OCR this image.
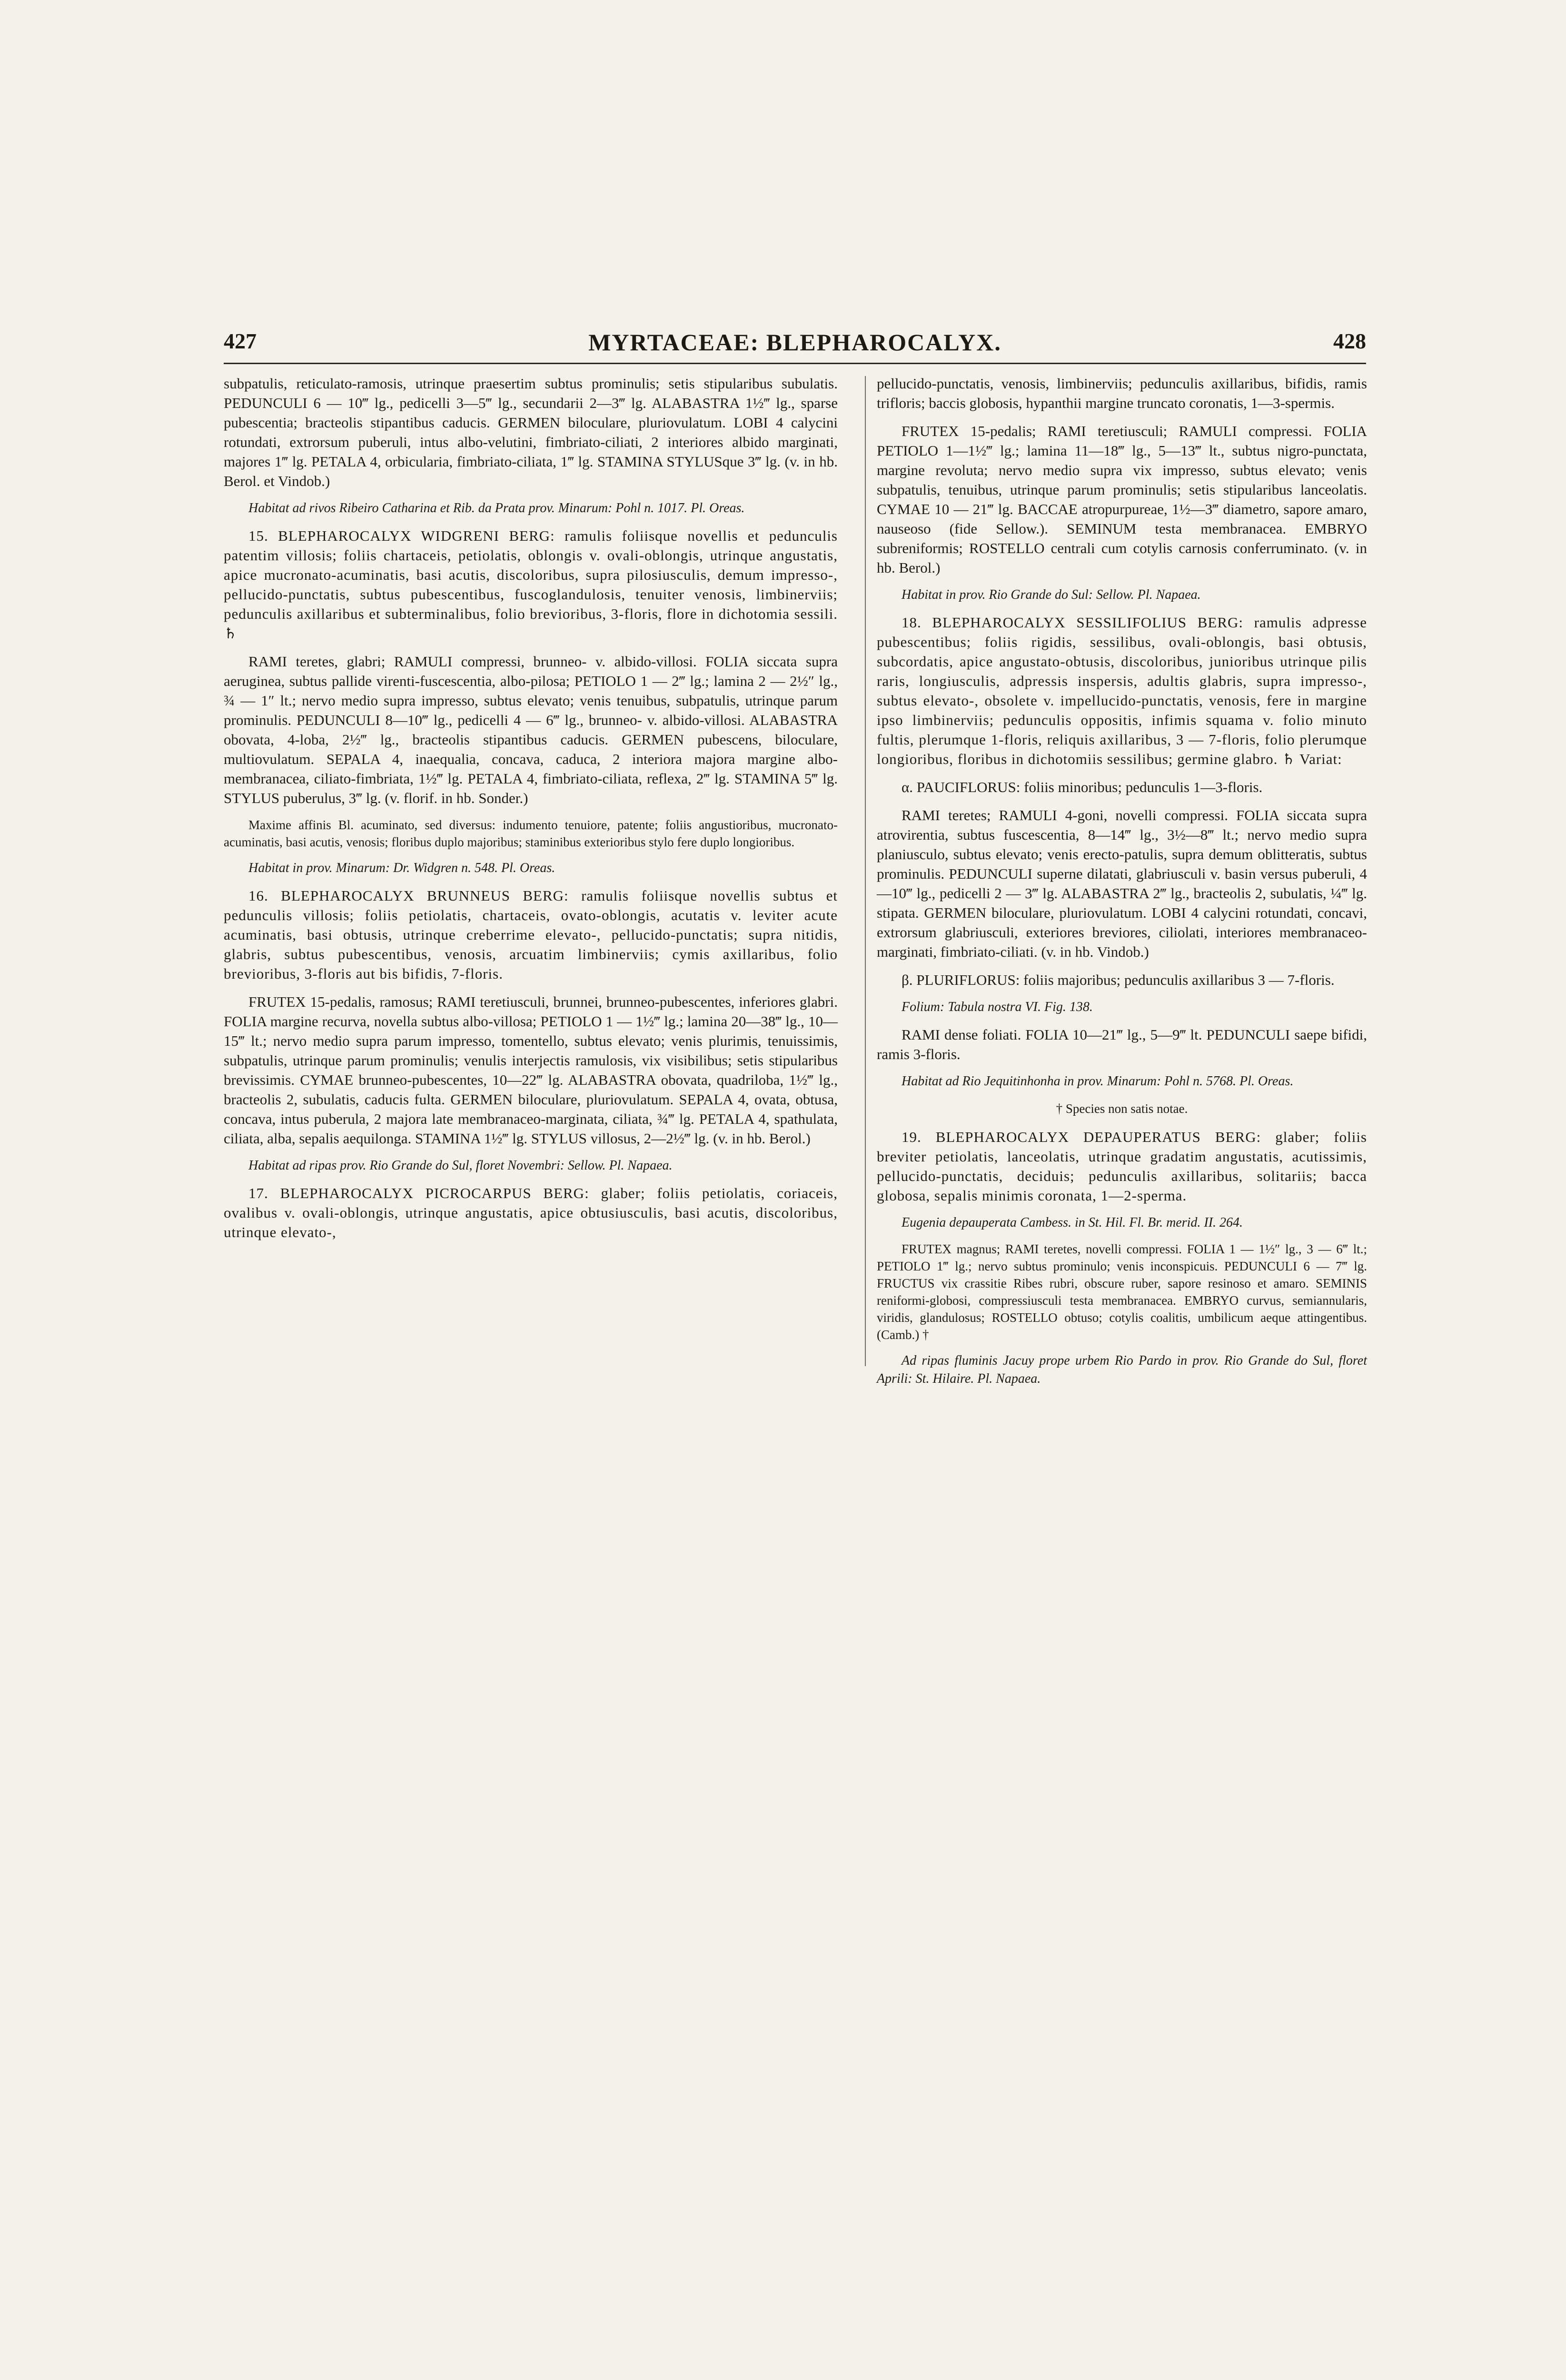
427	MYRTACEAE: BLEPHAROCALYX.	428

subpatulis, reticulato-ramosis, utrinque praesertim subtus prominulis; setis stipularibus subulatis. PEDUNCULI 6 — 10‴ lg., pedicelli 3—5‴ lg., secundarii 2—3‴ lg. ALABASTRA 1½‴ lg., sparse pubescentia; bracteolis stipantibus caducis. GERMEN biloculare, pluriovulatum. LOBI 4 calycini rotundati, extrorsum puberuli, intus albo-velutini, fimbriato-ciliati, 2 interiores albido marginati, majores 1‴ lg. PETALA 4, orbicularia, fimbriato-ciliata, 1‴ lg. STAMINA STYLUSque 3‴ lg. (v. in hb. Berol. et Vindob.)

Habitat ad rivos Ribeiro Catharina et Rib. da Prata prov. Minarum: Pohl n. 1017. Pl. Oreas.

15. BLEPHAROCALYX WIDGRENI BERG: ramulis foliisque novellis et pedunculis patentim villosis; foliis chartaceis, petiolatis, oblongis v. ovali-oblongis, utrinque angustatis, apice mucronato-acuminatis, basi acutis, discoloribus, supra pilosiusculis, demum impresso-, pellucido-punctatis, subtus pubescentibus, fuscoglandulosis, tenuiter venosis, limbinerviis; pedunculis axillaribus et subterminalibus, folio brevioribus, 3-floris, flore in dichotomia sessili. ♄

RAMI teretes, glabri; RAMULI compressi, brunneo- v. albido-villosi. FOLIA siccata supra aeruginea, subtus pallide virenti-fuscescentia, albo-pilosa; PETIOLO 1 — 2‴ lg.; lamina 2 — 2½″ lg., ¾ — 1″ lt.; nervo medio supra impresso, subtus elevato; venis tenuibus, subpatulis, utrinque parum prominulis. PEDUNCULI 8—10‴ lg., pedicelli 4 — 6‴ lg., brunneo- v. albido-villosi. ALABASTRA obovata, 4-loba, 2½‴ lg., bracteolis stipantibus caducis. GERMEN pubescens, biloculare, multiovulatum. SEPALA 4, inaequalia, concava, caduca, 2 interiora majora margine albo-membranacea, ciliato-fimbriata, 1½‴ lg. PETALA 4, fimbriato-ciliata, reflexa, 2‴ lg. STAMINA 5‴ lg. STYLUS puberulus, 3‴ lg. (v. florif. in hb. Sonder.)

Maxime affinis Bl. acuminato, sed diversus: indumento tenuiore, patente; foliis angustioribus, mucronato-acuminatis, basi acutis, venosis; floribus duplo majoribus; staminibus exterioribus stylo fere duplo longioribus.

Habitat in prov. Minarum: Dr. Widgren n. 548. Pl. Oreas.

16. BLEPHAROCALYX BRUNNEUS BERG: ramulis foliisque novellis subtus et pedunculis villosis; foliis petiolatis, chartaceis, ovato-oblongis, acutatis v. leviter acute acuminatis, basi obtusis, utrinque creberrime elevato-, pellucido-punctatis; supra nitidis, glabris, subtus pubescentibus, venosis, arcuatim limbinerviis; cymis axillaribus, folio brevioribus, 3-floris aut bis bifidis, 7-floris.

FRUTEX 15-pedalis, ramosus; RAMI teretiusculi, brunnei, brunneo-pubescentes, inferiores glabri. FOLIA margine recurva, novella subtus albo-villosa; PETIOLO 1 — 1½‴ lg.; lamina 20—38‴ lg., 10—15‴ lt.; nervo medio supra parum impresso, tomentello, subtus elevato; venis plurimis, tenuissimis, subpatulis, utrinque parum prominulis; venulis interjectis ramulosis, vix visibilibus; setis stipularibus brevissimis. CYMAE brunneo-pubescentes, 10—22‴ lg. ALABASTRA obovata, quadriloba, 1½‴ lg., bracteolis 2, subulatis, caducis fulta. GERMEN biloculare, pluriovulatum. SEPALA 4, ovata, obtusa, concava, intus puberula, 2 majora late membranaceo-marginata, ciliata, ¾‴ lg. PETALA 4, spathulata, ciliata, alba, sepalis aequilonga. STAMINA 1½‴ lg. STYLUS villosus, 2—2½‴ lg. (v. in hb. Berol.)

Habitat ad ripas prov. Rio Grande do Sul, floret Novembri: Sellow. Pl. Napaea.

17. BLEPHAROCALYX PICROCARPUS BERG: glaber; foliis petiolatis, coriaceis, ovalibus v. ovali-oblongis, utrinque angustatis, apice obtusiusculis, basi acutis, discoloribus, utrinque elevato-,

pellucido-punctatis, venosis, limbinerviis; pedunculis axillaribus, bifidis, ramis trifloris; baccis globosis, hypanthii margine truncato coronatis, 1—3-spermis.

FRUTEX 15-pedalis; RAMI teretiusculi; RAMULI compressi. FOLIA PETIOLO 1—1½‴ lg.; lamina 11—18‴ lg., 5—13‴ lt., subtus nigro-punctata, margine revoluta; nervo medio supra vix impresso, subtus elevato; venis subpatulis, tenuibus, utrinque parum prominulis; setis stipularibus lanceolatis. CYMAE 10 — 21‴ lg. BACCAE atropurpureae, 1½—3‴ diametro, sapore amaro, nauseoso (fide Sellow.). SEMINUM testa membranacea. EMBRYO subreniformis; ROSTELLO centrali cum cotylis carnosis conferruminato. (v. in hb. Berol.)

Habitat in prov. Rio Grande do Sul: Sellow. Pl. Napaea.

18. BLEPHAROCALYX SESSILIFOLIUS BERG: ramulis adpresse pubescentibus; foliis rigidis, sessilibus, ovali-oblongis, basi obtusis, subcordatis, apice angustato-obtusis, discoloribus, junioribus utrinque pilis raris, longiusculis, adpressis inspersis, adultis glabris, supra impresso-, subtus elevato-, obsolete v. impellucido-punctatis, venosis, fere in margine ipso limbinerviis; pedunculis oppositis, infimis squama v. folio minuto fultis, plerumque 1-floris, reliquis axillaribus, 3 — 7-floris, folio plerumque longioribus, floribus in dichotomiis sessilibus; germine glabro. ♄ Variat:

α. PAUCIFLORUS: foliis minoribus; pedunculis 1—3-floris.

RAMI teretes; RAMULI 4-goni, novelli compressi. FOLIA siccata supra atrovirentia, subtus fuscescentia, 8—14‴ lg., 3½—8‴ lt.; nervo medio supra planiusculo, subtus elevato; venis erecto-patulis, supra demum oblitteratis, subtus prominulis. PEDUNCULI superne dilatati, glabriusculi v. basin versus puberuli, 4—10‴ lg., pedicelli 2 — 3‴ lg. ALABASTRA 2‴ lg., bracteolis 2, subulatis, ¼‴ lg. stipata. GERMEN biloculare, pluriovulatum. LOBI 4 calycini rotundati, concavi, extrorsum glabriusculi, exteriores breviores, ciliolati, interiores membranaceo-marginati, fimbriato-ciliati. (v. in hb. Vindob.)

β. PLURIFLORUS: foliis majoribus; pedunculis axillaribus 3 — 7-floris.

Folium: Tabula nostra VI. Fig. 138.

RAMI dense foliati. FOLIA 10—21‴ lg., 5—9‴ lt. PEDUNCULI saepe bifidi, ramis 3-floris.

Habitat ad Rio Jequitinhonha in prov. Minarum: Pohl n. 5768. Pl. Oreas.

† Species non satis notae.

19. BLEPHAROCALYX DEPAUPERATUS BERG: glaber; foliis breviter petiolatis, lanceolatis, utrinque gradatim angustatis, acutissimis, pellucido-punctatis, deciduis; pedunculis axillaribus, solitariis; bacca globosa, sepalis minimis coronata, 1—2-sperma.

Eugenia depauperata Cambess. in St. Hil. Fl. Br. merid. II. 264.

FRUTEX magnus; RAMI teretes, novelli compressi. FOLIA 1 — 1½″ lg., 3 — 6‴ lt.; PETIOLO 1‴ lg.; nervo subtus prominulo; venis inconspicuis. PEDUNCULI 6 — 7‴ lg. FRUCTUS vix crassitie Ribes rubri, obscure ruber, sapore resinoso et amaro. SEMINIS reniformi-globosi, compressiusculi testa membranacea. EMBRYO curvus, semiannularis, viridis, glandulosus; ROSTELLO obtuso; cotylis coalitis, umbilicum aeque attingentibus. (Camb.) †

Ad ripas fluminis Jacuy prope urbem Rio Pardo in prov. Rio Grande do Sul, floret Aprili: St. Hilaire. Pl. Napaea.
